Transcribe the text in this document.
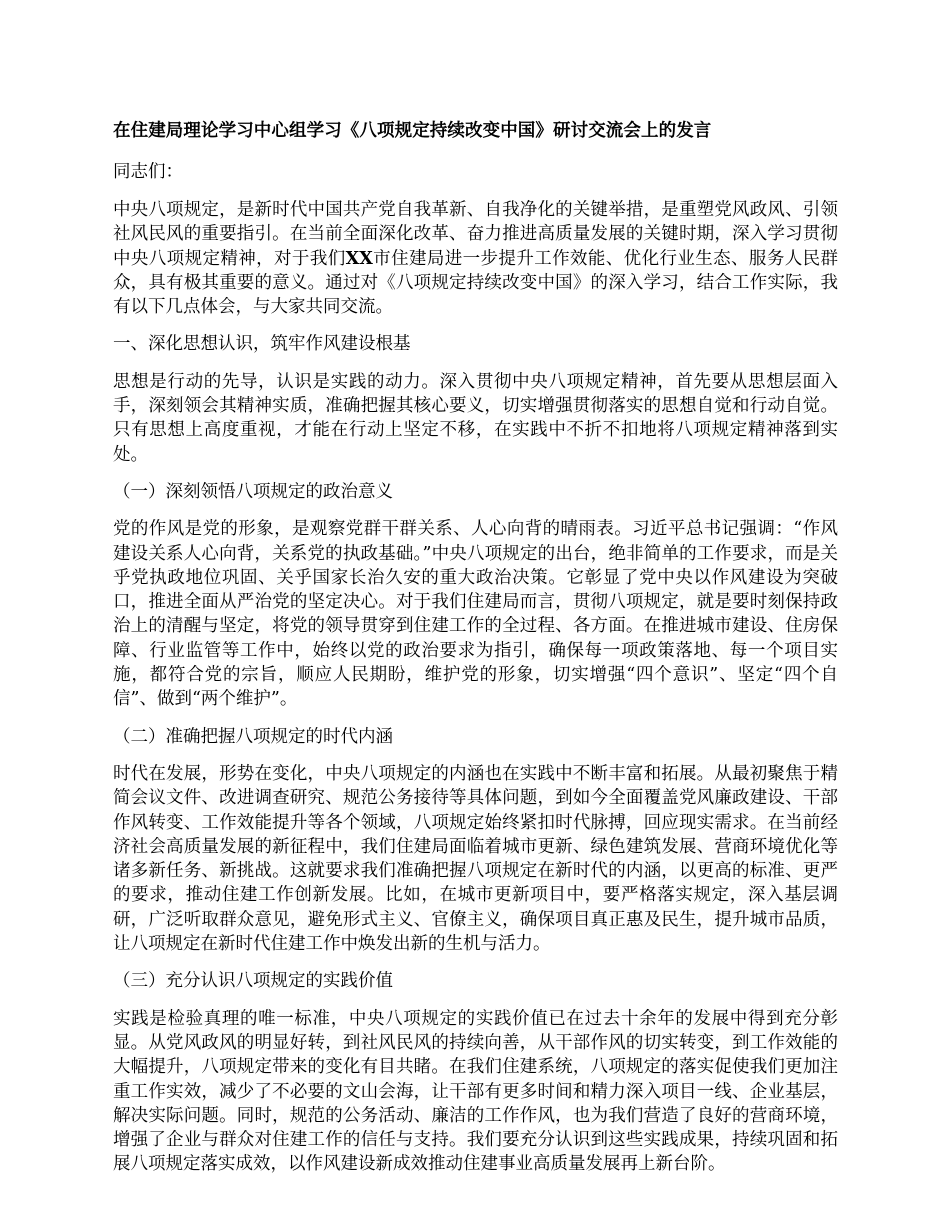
在住建局理论学习中心组学习《八项规定持续改变中国》研讨交流会上的发言

同志们：

中央八项规定，是新时代中国共产党自我革新、自我净化的关键举措，是重塑党风政风、引领社风民风的重要指引。在当前全面深化改革、奋力推进高质量发展的关键时期，深入学习贯彻中央八项规定精神，对于我们XX市住建局进一步提升工作效能、优化行业生态、服务人民群众，具有极其重要的意义。通过对《八项规定持续改变中国》的深入学习，结合工作实际，我有以下几点体会，与大家共同交流。

一、深化思想认识，筑牢作风建设根基

思想是行动的先导，认识是实践的动力。深入贯彻中央八项规定精神，首先要从思想层面入手，深刻领会其精神实质，准确把握其核心要义，切实增强贯彻落实的思想自觉和行动自觉。只有思想上高度重视，才能在行动上坚定不移，在实践中不折不扣地将八项规定精神落到实处。

（一）深刻领悟八项规定的政治意义

党的作风是党的形象，是观察党群干群关系、人心向背的晴雨表。习近平总书记强调：“作风建设关系人心向背，关系党的执政基础。”中央八项规定的出台，绝非简单的工作要求，而是关乎党执政地位巩固、关乎国家长治久安的重大政治决策。它彰显了党中央以作风建设为突破口，推进全面从严治党的坚定决心。对于我们住建局而言，贯彻八项规定，就是要时刻保持政治上的清醒与坚定，将党的领导贯穿到住建工作的全过程、各方面。在推进城市建设、住房保障、行业监管等工作中，始终以党的政治要求为指引，确保每一项政策落地、每一个项目实施，都符合党的宗旨，顺应人民期盼，维护党的形象，切实增强“四个意识”、坚定“四个自信”、做到“两个维护”。

（二）准确把握八项规定的时代内涵

时代在发展，形势在变化，中央八项规定的内涵也在实践中不断丰富和拓展。从最初聚焦于精简会议文件、改进调查研究、规范公务接待等具体问题，到如今全面覆盖党风廉政建设、干部作风转变、工作效能提升等各个领域，八项规定始终紧扣时代脉搏，回应现实需求。在当前经济社会高质量发展的新征程中，我们住建局面临着城市更新、绿色建筑发展、营商环境优化等诸多新任务、新挑战。这就要求我们准确把握八项规定在新时代的内涵，以更高的标准、更严的要求，推动住建工作创新发展。比如，在城市更新项目中，要严格落实规定，深入基层调研，广泛听取群众意见，避免形式主义、官僚主义，确保项目真正惠及民生，提升城市品质，让八项规定在新时代住建工作中焕发出新的生机与活力。

（三）充分认识八项规定的实践价值

实践是检验真理的唯一标准，中央八项规定的实践价值已在过去十余年的发展中得到充分彰显。从党风政风的明显好转，到社风民风的持续向善，从干部作风的切实转变，到工作效能的大幅提升，八项规定带来的变化有目共睹。在我们住建系统，八项规定的落实促使我们更加注重工作实效，减少了不必要的文山会海，让干部有更多时间和精力深入项目一线、企业基层，解决实际问题。同时，规范的公务活动、廉洁的工作作风，也为我们营造了良好的营商环境，增强了企业与群众对住建工作的信任与支持。我们要充分认识到这些实践成果，持续巩固和拓展八项规定落实成效，以作风建设新成效推动住建事业高质量发展再上新台阶。
